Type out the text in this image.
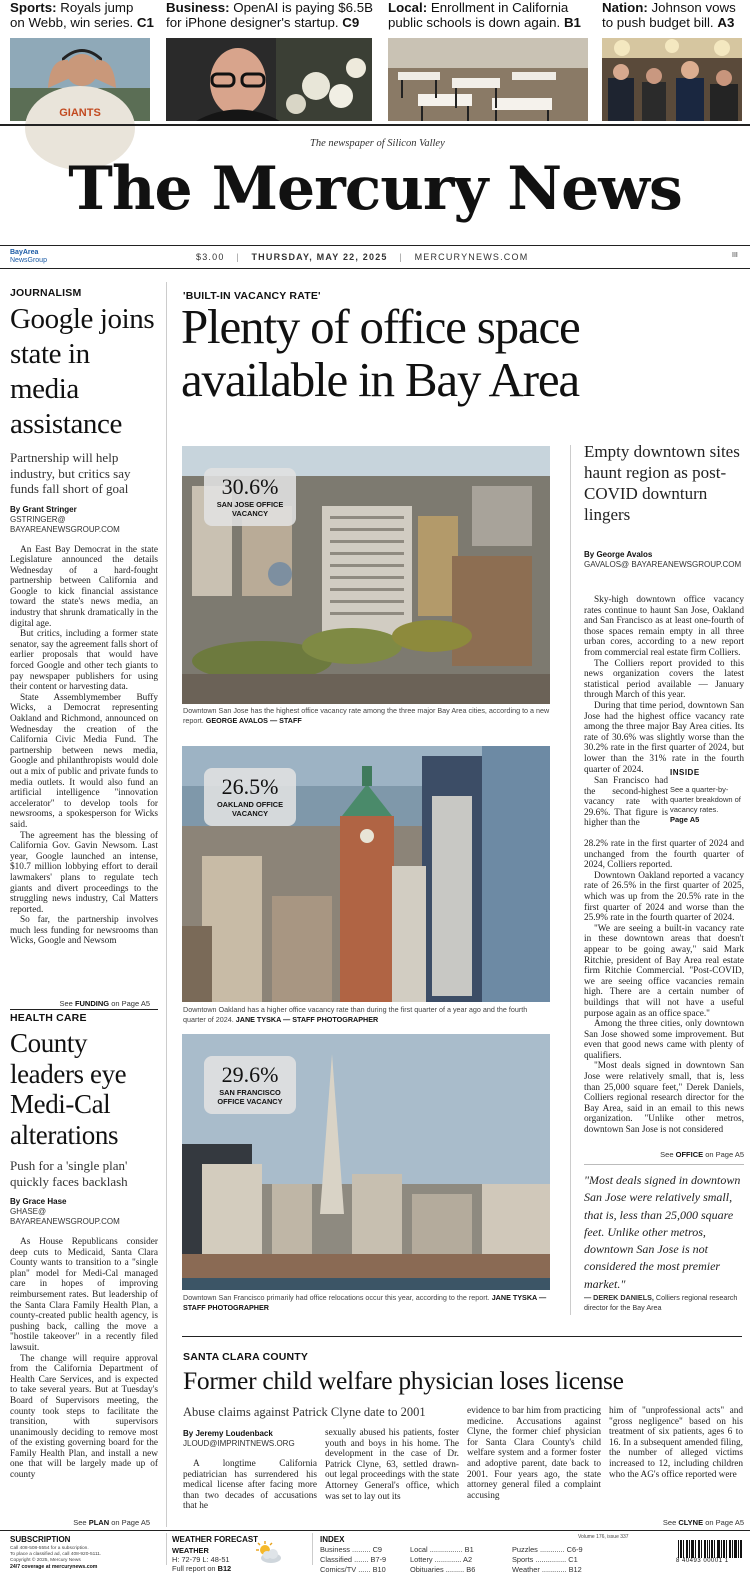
Sports: Royals jump
on Webb, win series. C1
GIANTS
Business: OpenAI is paying $6.5B
for iPhone designer's startup. C9
Local: Enrollment in California
public schools is down again. B1
Nation: Johnson vows
to push budget bill. A3
The newspaper of Silicon Valley
The Mercury News
BayArea
NewsGroup	$3.00 | THURSDAY, MAY 22, 2025 | MERCURYNEWS.COM	III
JOURNALISM
Google joins state in media assistance
Partnership will help industry, but critics say funds fall short of goal
By Grant Stringer
GSTRINGER@ BAYAREANEWSGROUP.COM

An East Bay Democrat in the state Legislature announced the details Wednesday of a hard-fought partnership between California and Google to kick financial assistance toward the state's news media, an industry that shrunk dramatically in the digital age.

But critics, including a former state senator, say the agreement falls short of earlier proposals that would have forced Google and other tech giants to pay newspaper publishers for using their content or harvesting data.

State Assemblymember Buffy Wicks, a Democrat representing Oakland and Richmond, announced on Wednesday the creation of the California Civic Media Fund. The partnership between news media, Google and philanthropists would dole out a mix of public and private funds to media outlets. It would also fund an artificial intelligence "innovation accelerator" to develop tools for newsrooms, a spokesperson for Wicks said.

The agreement has the blessing of California Gov. Gavin Newsom. Last year, Google launched an intense, $10.7 million lobbying effort to derail lawmakers' plans to regulate tech giants and divert proceedings to the struggling news industry, Cal Matters reported.

So far, the partnership involves much less funding for newsrooms than Wicks, Google and Newsom

See FUNDING on Page A5
HEALTH CARE
County leaders eye Medi-Cal alterations
Push for a 'single plan' quickly faces backlash
By Grace Hase
GHASE@ BAYAREANEWSGROUP.COM

As House Republicans consider deep cuts to Medicaid, Santa Clara County wants to transition to a "single plan" model for Medi-Cal managed care in hopes of improving reimbursement rates. But leadership of the Santa Clara Family Health Plan, a county-created public health agency, is pushing back, calling the move a "hostile takeover" in a recently filed lawsuit.

The change will require approval from the California Department of Health Care Services, and is expected to take several years. But at Tuesday's Board of Supervisors meeting, the county took steps to facilitate the transition, with supervisors unanimously deciding to remove most of the existing governing board for the Family Health Plan, and install a new one that will be largely made up of county

See PLAN on Page A5
'BUILT-IN VACANCY RATE'
Plenty of office space available in Bay Area
30.6%
SAN JOSE OFFICE VACANCY
Downtown San Jose has the highest office vacancy rate among the three major Bay Area cities, according to a new report. GEORGE AVALOS — STAFF
26.5%
OAKLAND OFFICE VACANCY
Downtown Oakland has a higher office vacancy rate than during the first quarter of a year ago and the fourth quarter of 2024. JANE TYSKA — STAFF PHOTOGRAPHER
29.6%
SAN FRANCISCO OFFICE VACANCY
Downtown San Francisco primarily had office relocations occur this year, according to the report. JANE TYSKA — STAFF PHOTOGRAPHER
Empty downtown sites haunt region as post-COVID downturn lingers
By George Avalos
GAVALOS@ BAYAREANEWSGROUP.COM

Sky-high downtown office vacancy rates continue to haunt San Jose, Oakland and San Francisco as at least one-fourth of those spaces remain empty in all three urban cores, according to a new report from commercial real estate firm Colliers.

The Colliers report provided to this news organization covers the latest statistical period available — January through March of this year.

During that time period, downtown San Jose had the highest office vacancy rate among the three major Bay Area cities. Its rate of 30.6% was slightly worse than the 30.2% rate in the first quarter of 2024, but lower than the 31% rate in the fourth quarter of 2024.

San Francisco had the second-highest vacancy rate with 29.6%. That figure is higher than the

INSIDE
See a quarter-by-quarter breakdown of vacancy rates.
Page A5

28.2% rate in the first quarter of 2024 and unchanged from the fourth quarter of 2024, Colliers reported.

Downtown Oakland reported a vacancy rate of 26.5% in the first quarter of 2025, which was up from the 20.5% rate in the first quarter of 2024 and worse than the 25.9% rate in the fourth quarter of 2024.

"We are seeing a built-in vacancy rate in these downtown areas that doesn't appear to be going away," said Mark Ritchie, president of Bay Area real estate firm Ritchie Commercial. "Post-COVID, we are seeing office vacancies remain high. There are a certain number of buildings that will not have a useful purpose again as an office space."

Among the three cities, only downtown San Jose showed some improvement. But even that good news came with plenty of qualifiers.

"Most deals signed in downtown San Jose were relatively small, that is, less than 25,000 square feet," Derek Daniels, Colliers regional research director for the Bay Area, said in an email to this news organization. "Unlike other metros, downtown San Jose is not considered

See OFFICE on Page A5
"Most deals signed in downtown San Jose were relatively small, that is, less than 25,000 square feet. Unlike other metros, downtown San Jose is not considered the most premier market."
— DEREK DANIELS, Colliers regional research director for the Bay Area
SANTA CLARA COUNTY
Former child welfare physician loses license
Abuse claims against Patrick Clyne date to 2001
By Jeremy Loudenback
JLOUD@IMPRINTNEWS.ORG

A longtime California pediatrician has surrendered his medical license after facing more than two decades of accusations that he

sexually abused his patients, foster youth and boys in his home. The development in the case of Dr. Patrick Clyne, 63, settled drawn-out legal proceedings with the state Attorney General's office, which was set to lay out its

evidence to bar him from practicing medicine. Accusations against Clyne, the former chief physician for Santa Clara County's child welfare system and a former foster and adoptive parent, date back to 2001. Four years ago, the state attorney general filed a complaint accusing

him of "unprofessional acts" and "gross negligence" based on his treatment of six patients, ages 6 to 16. In a subsequent amended filing, the number of alleged victims increased to 12, including children who the AG's office reported were

See CLYNE on Page A5
SUBSCRIPTION
Call 408-508-5554 for a subscription.
To place a classified ad, call 408-920-5111.
Copyright © 2025, Mercury News
24/7 coverage at mercurynews.com
WEATHER FORECAST
WEATHER
H: 72-79 L: 48-51
Full report on B12
INDEX	Volume 176, issue 337
Business ......... C9	Local ................ B1	Puzzles ............ C6-9
Classified ....... B7-9	Lottery ............. A2	Sports ............... C1
Comics/TV ...... B10	Obituaries ......... B6	Weather ............ B12
8 40493 00001 1
